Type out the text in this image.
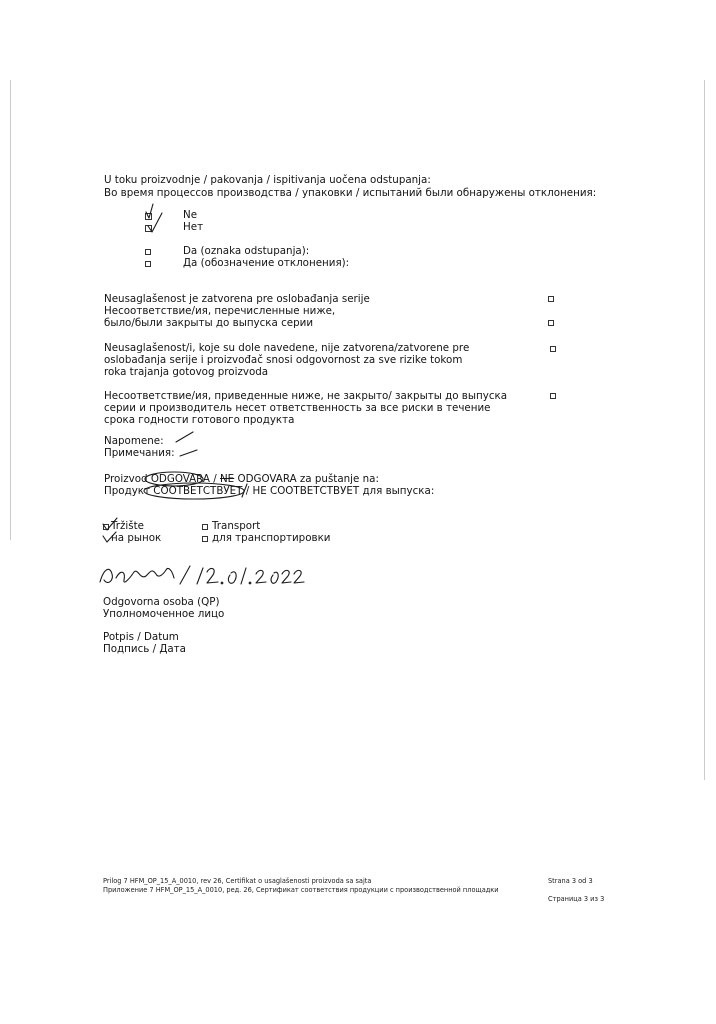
U toku proizvodnje / pakovanja / ispitivanja uočena odstupanja:
Во время процессов производства / упаковки / испытаний были обнаружены отклонения:
Ne
Нет
Da (oznaka odstupanja):
Да (обозначение отклонения):
Neusaglašenost je zatvorena pre oslobađanja serije
Несоответствие/ия, перечисленные ниже,
было/были закрыты до выпуска серии
Neusaglašenost/i, koje su dole navedene, nije zatvorena/zatvorene pre
oslobađanja serije i proizvođač snosi odgovornost za sve rizike tokom
roka trajanja gotovog proizvoda
Несоответствие/ия, приведенные ниже, не закрыто/ закрыты до выпуска
серии и производитель несет ответственность за все риски в течение
срока годности готового продукта
Napomene:
Примечания:
Proizvod ODGOVARA / NE ODGOVARA za puštanje na:
Продукт СООТВЕТСТВУЕТ / НЕ СООТВЕТСТВУЕТ для выпуска:
Tržište
на рынок
Transport
для транспортировки
Odgovorna osoba (QP)
Уполномоченное лицо
Potpis / Datum
Подпись / Дата
Prilog 7 HFM_OP_15_A_0010, rev 26, Certifikat o usaglašenosti proizvoda sa sajta
Приложение 7 HFM_OP_15_A_0010, ред. 26, Сертификат соответствия продукции с производственной площадки
Strana 3 od 3
Страница 3 из 3
